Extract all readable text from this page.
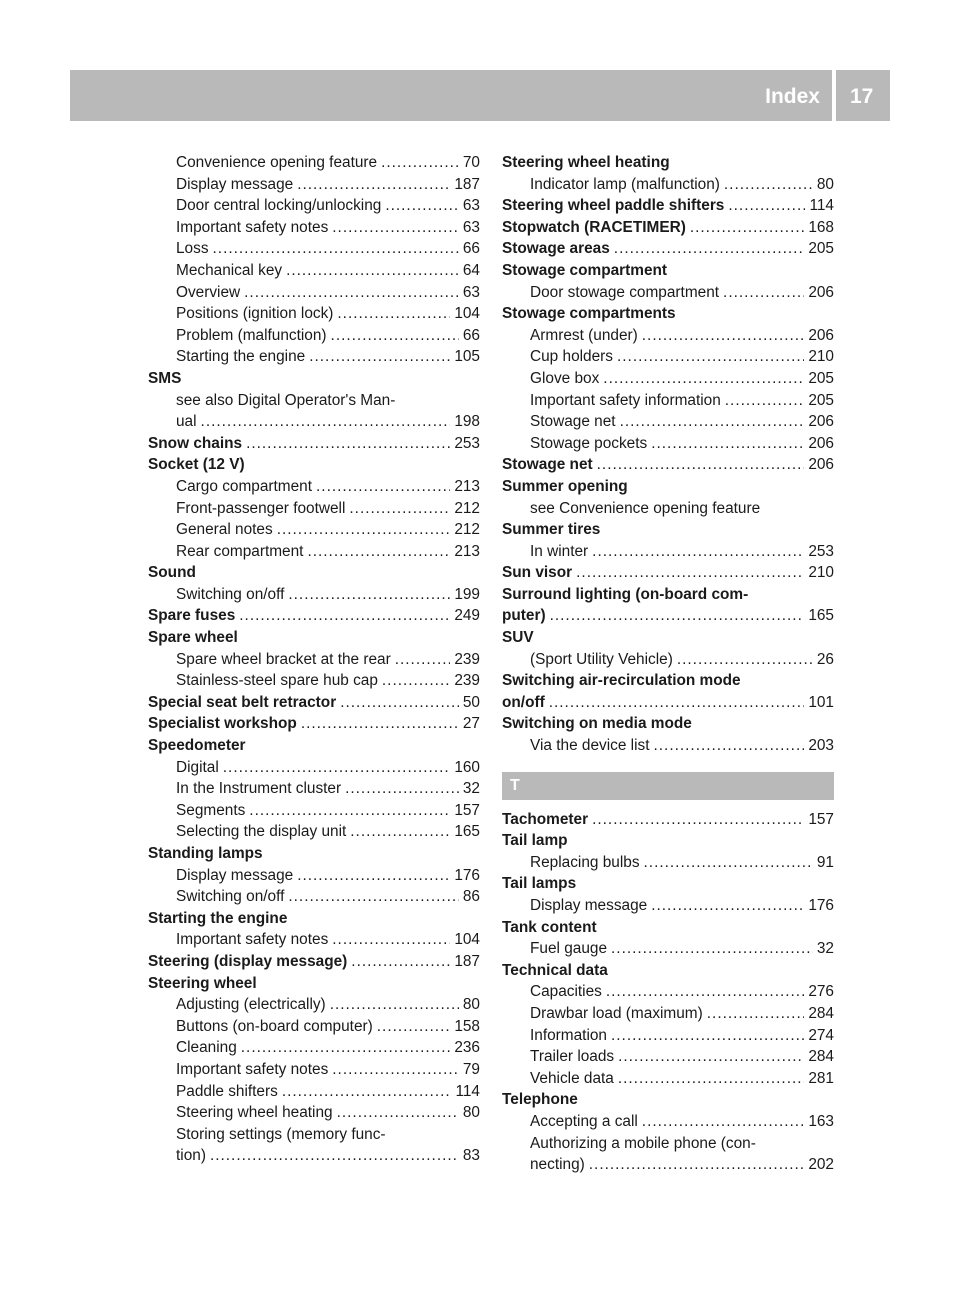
Index 17
Convenience opening feature .....	70
Display message .....	187
Door central locking/unlocking .....	63
Important safety notes .....	63
Loss .....	66
Mechanical key .....	64
Overview .....	63
Positions (ignition lock) .....	104
Problem (malfunction) .....	66
Starting the engine .....	105
SMS
see also Digital Operator's Man-
ual .....	198
Snow chains .....	253
Socket (12 V)
Cargo compartment .....	213
Front-passenger footwell .....	212
General notes .....	212
Rear compartment .....	213
Sound
Switching on/off .....	199
Spare fuses .....	249
Spare wheel
Spare wheel bracket at the rear .....	239
Stainless-steel spare hub cap .....	239
Special seat belt retractor .....	50
Specialist workshop .....	27
Speedometer
Digital .....	160
In the Instrument cluster .....	32
Segments .....	157
Selecting the display unit .....	165
Standing lamps
Display message .....	176
Switching on/off .....	86
Starting the engine
Important safety notes .....	104
Steering (display message) .....	187
Steering wheel
Adjusting (electrically) .....	80
Buttons (on-board computer) .....	158
Cleaning .....	236
Important safety notes .....	79
Paddle shifters .....	114
Steering wheel heating .....	80
Storing settings (memory func-
tion) .....	83
Steering wheel heating
Indicator lamp (malfunction) .....	80
Steering wheel paddle shifters .....	114
Stopwatch (RACETIMER) .....	168
Stowage areas .....	205
Stowage compartment
Door stowage compartment .....	206
Stowage compartments
Armrest (under) .....	206
Cup holders .....	210
Glove box .....	205
Important safety information .....	205
Stowage net .....	206
Stowage pockets .....	206
Stowage net .....	206
Summer opening
see Convenience opening feature
Summer tires
In winter .....	253
Sun visor .....	210
Surround lighting (on-board com-
puter) .....	165
SUV
(Sport Utility Vehicle) .....	26
Switching air-recirculation mode
on/off .....	101
Switching on media mode
Via the device list .....	203
T
Tachometer .....	157
Tail lamp
Replacing bulbs .....	91
Tail lamps
Display message .....	176
Tank content
Fuel gauge .....	32
Technical data
Capacities .....	276
Drawbar load (maximum) .....	284
Information .....	274
Trailer loads .....	284
Vehicle data .....	281
Telephone
Accepting a call .....	163
Authorizing a mobile phone (con-
necting) .....	202
